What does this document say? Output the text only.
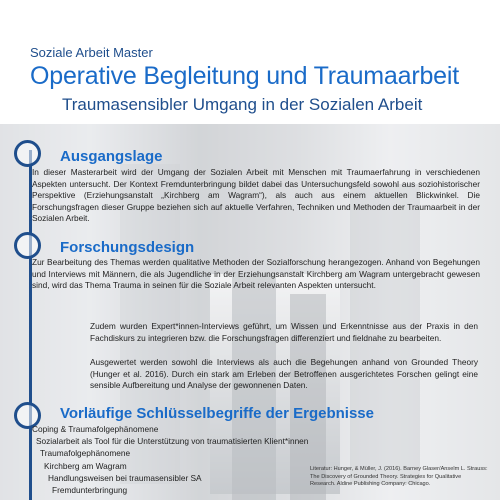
Soziale Arbeit Master
Operative Begleitung und Traumaarbeit
Traumasensibler Umgang in der Sozialen Arbeit
Ausgangslage
In dieser Masterarbeit wird der Umgang der Sozialen Arbeit mit Menschen mit Traumaerfahrung in verschiedenen Aspekten untersucht. Der Kontext Fremdunterbringung bildet dabei das Untersuchungsfeld sowohl aus soziohistorischer Perspektive (Erziehungsanstalt „Kirchberg am Wagram“), als auch aus einem aktuellen Blickwinkel. Die Forschungsfragen dieser Gruppe beziehen sich auf aktuelle Verfahren, Techniken und Methoden der Traumaarbeit in der Sozialen Arbeit.
Forschungsdesign
Zur Bearbeitung des Themas werden qualitative Methoden der Sozialforschung herangezogen. Anhand von Begehungen und Interviews mit Männern, die als Jugendliche in der Erziehungsanstalt Kirchberg am Wagram untergebracht gewesen sind, wird das Thema Trauma in seinen für die Soziale Arbeit relevanten Aspekten untersucht.
Zudem wurden Expert*innen-Interviews geführt, um Wissen und Erkenntnisse aus der Praxis in den Fachdiskurs zu integrieren bzw. die Forschungsfragen differenziert und fieldnahe zu bearbeiten.
Ausgewertet werden sowohl die Interviews als auch die Begehungen anhand von Grounded Theory (Hunger et al. 2016). Durch ein stark am Erleben der Betroffenen ausgerichtetes Forschen gelingt eine sensible Aufbereitung und Analyse der gewonnenen Daten.
Vorläufige Schlüsselbegriffe der Ergebnisse
Coping & Traumafolgephänomene
Sozialarbeit als Tool für die Unterstützung von traumatisierten Klient*innen
Traumafolgephänomene
Kirchberg am Wagram
Handlungsweisen bei traumasensibler SA
Fremdunterbringung
Literatur: Hunger, & Müller, J. (2016). Barney Glaser/Anselm L. Strauss: The Discovery of Grounded Theory. Strategies for Qualitative Research. Aldine Publishing Company: Chicago.
